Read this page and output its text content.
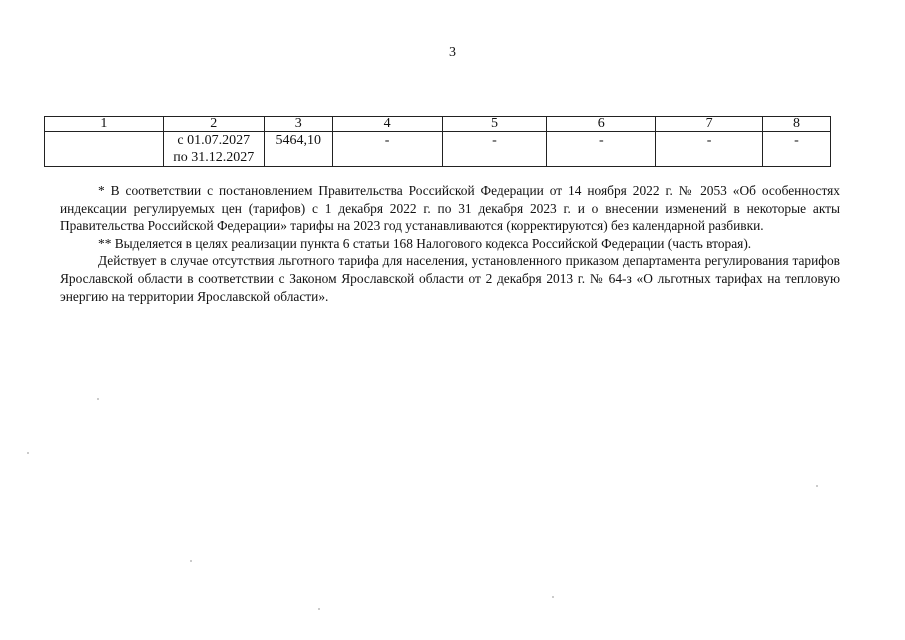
3
1	2	3	4	5	6	7	8

	с 01.07.2027
по 31.12.2027	5464,10	-	-	-	-	-

* В соответствии с постановлением Правительства Российской Федерации от 14 ноября 2022 г. № 2053 «Об особенностях индексации регулируемых цен (тарифов) с 1 декабря 2022 г. по 31 декабря 2023 г. и о внесении изменений в некоторые акты Правительства Российской Федерации» тарифы на 2023 год устанавливаются (корректируются) без календарной разбивки.

** Выделяется в целях реализации пункта 6 статьи 168 Налогового кодекса Российской Федерации (часть вторая).

Действует в случае отсутствия льготного тарифа для населения, установленного приказом департамента регулирования тарифов Ярославской области в соответствии с Законом Ярославской области от 2 декабря 2013 г. № 64-з «О льготных тарифах на тепловую энергию на территории Ярославской области».
